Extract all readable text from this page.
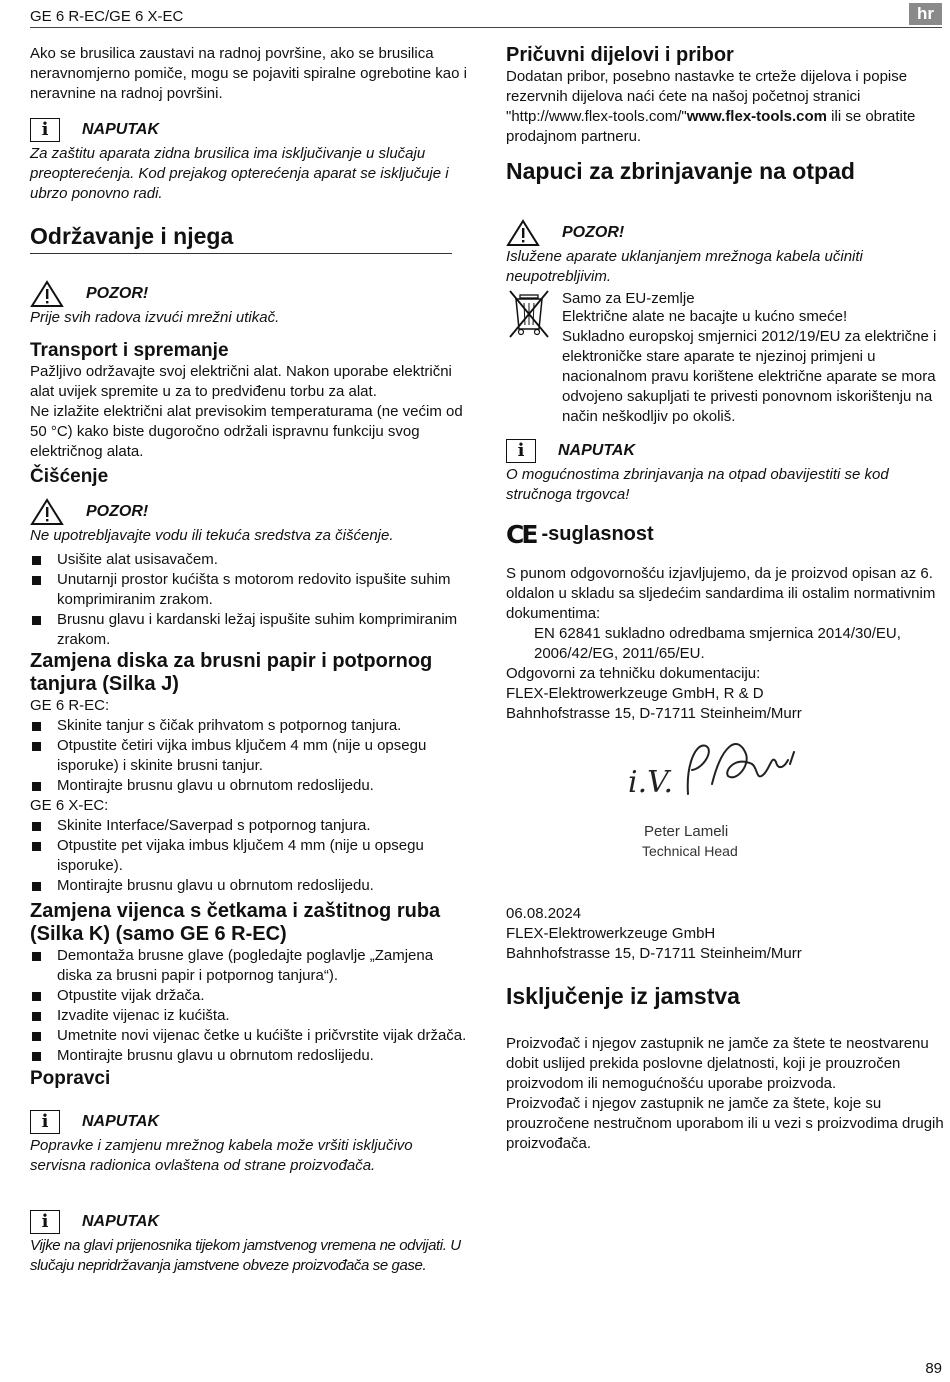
GE 6 R-EC/GE 6 X-EC	hr

Ako se brusilica zaustavi na radnoj površine, ako se brusilica neravnomjerno pomiče, mogu se pojaviti spiralne ogrebotine kao i neravnine na radnoj površini.

i	NAPUTAK

Za zaštitu aparata zidna brusilica ima isključivanje u slučaju preopterećenja. Kod prejakog opterećenja aparat se isključuje i ubrzo ponovno radi.

Održavanje i njega
POZOR!

Prije svih radova izvući mrežni utikač.

Transport i spremanje

Pažljivo održavajte svoj električni alat. Nakon uporabe električni alat uvijek spremite u za to predviđenu torbu za alat.

Ne izlažite električni alat previsokim temperaturama (ne većim od 50 °C) kako biste dugoročno održali ispravnu funkciju svog električnog alata.

Čišćenje
POZOR!

Ne upotrebljavajte vodu ili tekuća sredstva za čišćenje.

Usišite alat usisavačem.
Unutarnji prostor kućišta s motorom redovito ispušite suhim komprimiranim zrakom.
Brusnu glavu i kardanski ležaj ispušite suhim komprimiranim zrakom.
Zamjena diska za brusni papir i potpornog tanjura (Silka J)

GE 6 R-EC:

Skinite tanjur s čičak prihvatom s potpornog tanjura.
Otpustite četiri vijka imbus ključem 4 mm (nije u opsegu isporuke) i skinite brusni tanjur.
Montirajte brusnu glavu u obrnutom redoslijedu.

GE 6 X-EC:

Skinite Interface/Saverpad s potpornog tanjura.
Otpustite pet vijaka imbus ključem 4 mm (nije u opsegu isporuke).
Montirajte brusnu glavu u obrnutom redoslijedu.
Zamjena vijenca s četkama i zaštitnog ruba (Silka K) (samo GE 6 R-EC)
Demontaža brusne glave (pogledajte poglavlje „Zamjena diska za brusni papir i potpornog tanjura“).
Otpustite vijak držača.
Izvadite vijenac iz kućišta.
Umetnite novi vijenac četke u kućište i pričvrstite vijak držača.
Montirajte brusnu glavu u obrnutom redoslijedu.
Popravci
i	NAPUTAK

Popravke i zamjenu mrežnog kabela može vršiti isključivo servisna radionica ovlaštena od strane proizvođača.

i	NAPUTAK

Vijke na glavi prijenosnika tijekom jamstvenog vremena ne odvijati. U slučaju nepridržavanja jamstvene obveze proizvođača se gase.

Pričuvni dijelovi i pribor

Dodatan pribor, posebno nastavke te crteže dijelova i popise rezervnih dijelova naći ćete na našoj početnoj stranici "http://www.flex-tools.com/"www.flex-tools.com ili se obratite prodajnom partneru.

Napuci za zbrinjavanje na otpad
POZOR!

Islužene aparate uklanjanjem mrežnoga kabela učiniti neupotrebljivim.

Samo za EU-zemlje

Električne alate ne bacajte u kućno smeće!

Sukladno europskoj smjernici 2012/19/EU za električne i elektroničke stare aparate te njezinoj primjeni u nacionalnom pravu korištene električne aparate se mora odvojeno sakupljati te privesti ponovnom iskorištenju na način neškodljiv po okoliš.

i	NAPUTAK

O mogućnostima zbrinjavanja na otpad obavijestiti se kod stručnoga trgovca!

CE -suglasnost

S punom odgovornošću izjavljujemo, da je proizvod opisan az 6. oldalon u skladu sa sljedećim sandardima ili ostalim normativnim dokumentima:

EN 62841 sukladno odredbama smjernica 2014/30/EU, 2006/42/EG, 2011/65/EU.

Odgovorni za tehničku dokumentaciju:

FLEX-Elektrowerkzeuge GmbH, R & D

Bahnhofstrasse 15, D-71711 Steinheim/Murr

i.V.
Peter Lameli
Technical Head

06.08.2024

FLEX-Elektrowerkzeuge GmbH

Bahnhofstrasse 15, D-71711 Steinheim/Murr

Isključenje iz jamstva

Proizvođač i njegov zastupnik ne jamče za štete te neostvarenu dobit uslijed prekida poslovne djelatnosti, koji je prouzročen proizvodom ili nemogućnošću uporabe proizvoda.

Proizvođač i njegov zastupnik ne jamče za štete, koje su prouzročene nestručnom uporabom ili u vezi s proizvodima drugih proizvođača.

89
